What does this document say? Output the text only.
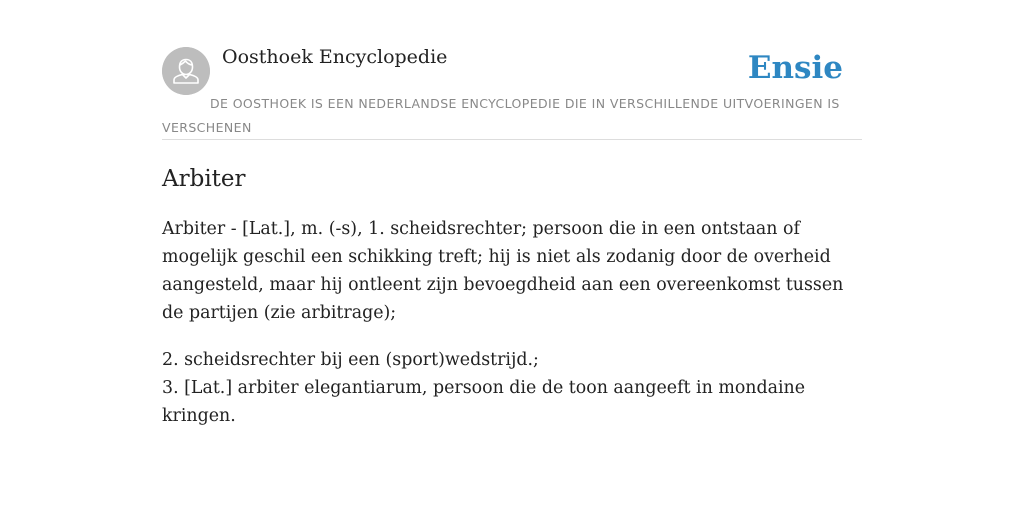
Oosthoek Encyclopedie	Ensie
DE OOSTHOEK IS EEN NEDERLANDSE ENCYCLOPEDIE DIE IN VERSCHILLENDE UITVOERINGEN IS VERSCHENEN
Arbiter

Arbiter - [Lat.], m. (-s), 1. scheidsrechter; persoon die in een ontstaan of mogelijk geschil een schikking treft; hij is niet als zodanig door de overheid aangesteld, maar hij ontleent zijn bevoegdheid aan een overeenkomst tussen de partijen (zie arbitrage);

2. scheidsrechter bij een (sport)wedstrijd.;

3. [Lat.] arbiter elegantiarum, persoon die de toon aangeeft in mondaine kringen.
